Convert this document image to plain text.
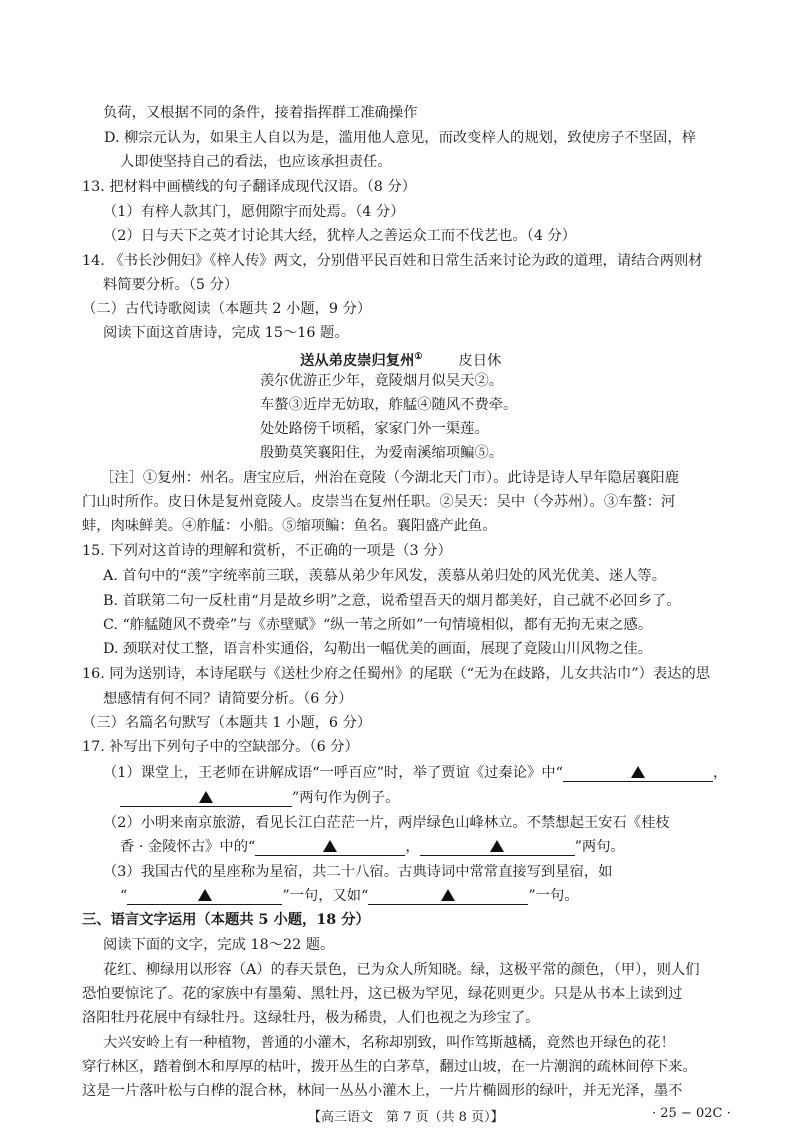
负荷，又根据不同的条件，接着指挥群工准确操作
D. 柳宗元认为，如果主人自以为是，滥用他人意见，而改变梓人的规划，致使房子不坚固，梓
人即使坚持自己的看法，也应该承担责任。
13. 把材料中画横线的句子翻译成现代汉语。（8 分）
（1）有梓人款其门，愿佣隙宇而处焉。（4 分）
（2）日与天下之英才讨论其大经，犹梓人之善运众工而不伐艺也。（4 分）
14. 《书长沙佣妇》《梓人传》两文，分别借平民百姓和日常生活来讨论为政的道理，请结合两则材
料简要分析。（5 分）
（二）古代诗歌阅读（本题共 2 小题，9 分）
阅读下面这首唐诗，完成 15～16 题。
送从弟皮崇归复州①	皮日休
羡尔优游正少年，竟陵烟月似吴天②。
车螯③近岸无妨取，舴艋④随风不费牵。
处处路傍千顷稻，家家门外一渠莲。
殷勤莫笑襄阳住，为爱南溪缩项鳊⑤。
［注］①复州：州名。唐宝应后，州治在竟陵（今湖北天门市）。此诗是诗人早年隐居襄阳鹿
门山时所作。皮日休是复州竟陵人。皮崇当在复州任职。②吴天：吴中（今苏州）。③车螯：河
蚌，肉味鲜美。④舴艋：小船。⑤缩项鳊：鱼名。襄阳盛产此鱼。
15. 下列对这首诗的理解和赏析，不正确的一项是（3 分）
A. 首句中的“羡”字统率前三联，羡慕从弟少年风发，羡慕从弟归处的风光优美、迷人等。
B. 首联第二句一反杜甫“月是故乡明”之意，说希望吾天的烟月都美好，自己就不必回乡了。
C. “舴艋随风不费牵”与《赤壁赋》“纵一苇之所如”一句情境相似，都有无拘无束之感。
D. 颈联对仗工整，语言朴实通俗，勾勒出一幅优美的画面，展现了竟陵山川风物之佳。
16. 同为送别诗，本诗尾联与《送杜少府之任蜀州》的尾联（“无为在歧路，儿女共沾巾”）表达的思
想感情有何不同？请简要分析。（6 分）
（三）名篇名句默写（本题共 1 小题，6 分）
17. 补写出下列句子中的空缺部分。（6 分）
（1）课堂上，王老师在讲解成语“一呼百应”时，举了贾谊《过秦论》中“	，
”两句作为例子。
（2）小明来南京旅游，看见长江白茫茫一片，两岸绿色山峰林立。不禁想起王安石《桂枝
香 · 金陵怀古》中的“	，	”两句。
（3）我国古代的星座称为星宿，共二十八宿。古典诗词中常常直接写到星宿，如
“	”一句，又如“	”一句。
三、语言文字运用（本题共 5 小题，18 分）
阅读下面的文字，完成 18～22 题。
花红、柳绿用以形容（A）的春天景色，已为众人所知晓。绿，这极平常的颜色，（甲），则人们
恐怕要惊诧了。花的家族中有墨菊、黑牡丹，这已极为罕见，绿花则更少。只是从书本上读到过
洛阳牡丹花展中有绿牡丹。这绿牡丹，极为稀贵，人们也视之为珍宝了。
大兴安岭上有一种植物，普通的小灌木，名称却别致，叫作笃斯越橘，竟然也开绿色的花！
穿行林区，踏着倒木和厚厚的枯叶，拨开丛生的白茅草，翻过山坡，在一片潮润的疏林间停下来。
这是一片落叶松与白桦的混合林，林间一丛丛小灌木上，一片片椭圆形的绿叶，并无光泽，墨不
【高三语文　第 7 页（共 8 页）】	· 25 − 02C ·
